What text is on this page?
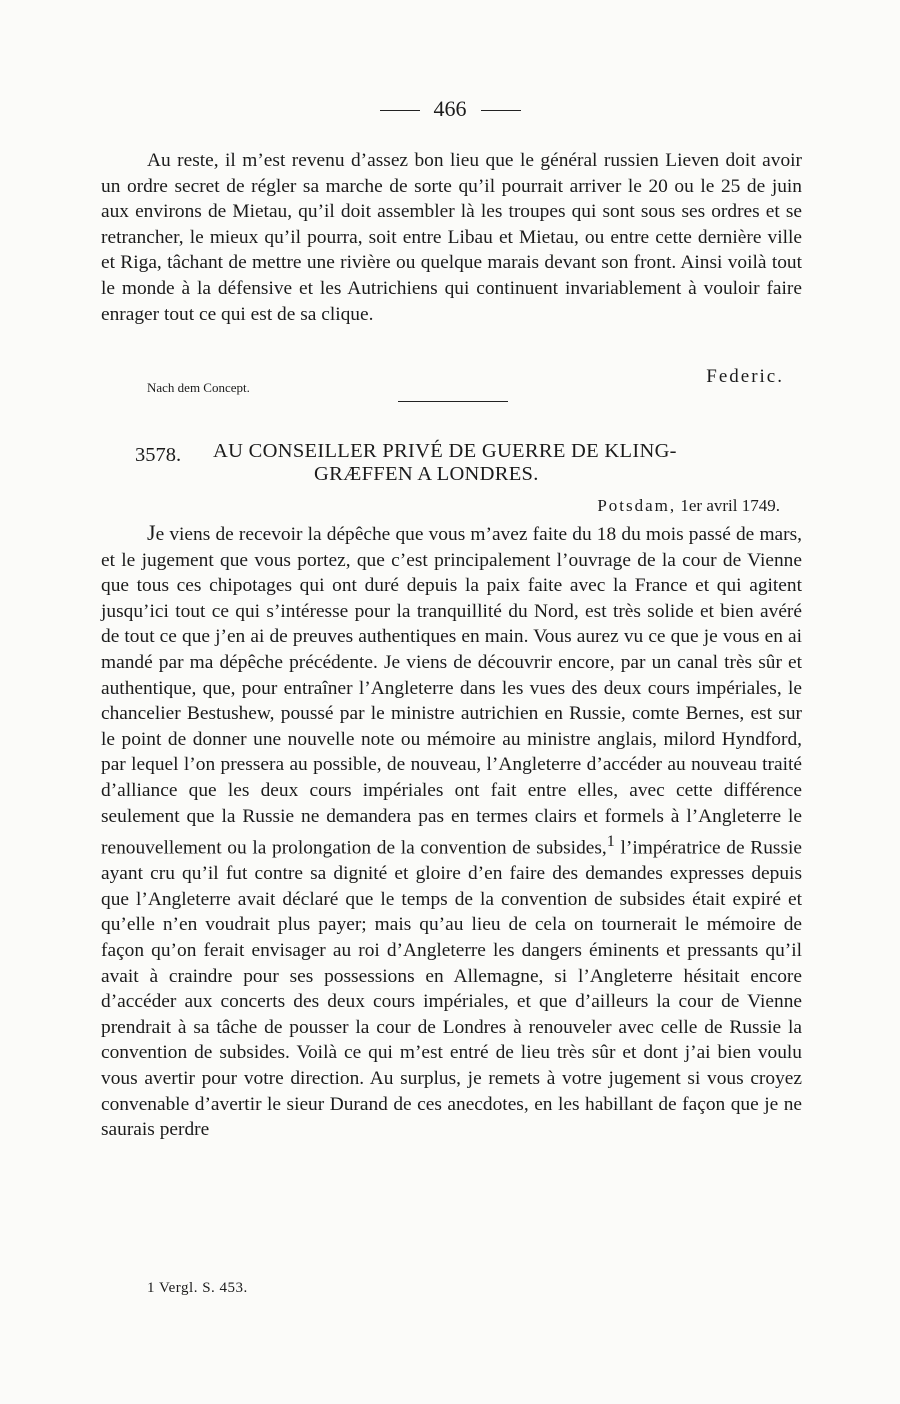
466

Au reste, il m’est revenu d’assez bon lieu que le général russien Lieven doit avoir un ordre secret de régler sa marche de sorte qu’il pourrait arriver le 20 ou le 25 de juin aux environs de Mietau, qu’il doit assembler là les troupes qui sont sous ses ordres et se retrancher, le mieux qu’il pourra, soit entre Libau et Mietau, ou entre cette dernière ville et Riga, tâchant de mettre une rivière ou quelque marais devant son front. Ainsi voilà tout le monde à la défensive et les Autrichiens qui continuent invariablement à vouloir faire enrager tout ce qui est de sa clique.

Nach dem Concept.
Federic.
3578. AU CONSEILLER PRIVÉ DE GUERRE DE KLING-
GRÆFFEN A LONDRES.
Potsdam, 1er avril 1749.

Je viens de recevoir la dépêche que vous m’avez faite du 18 du mois passé de mars, et le jugement que vous portez, que c’est principalement l’ouvrage de la cour de Vienne que tous ces chipotages qui ont duré depuis la paix faite avec la France et qui agitent jusqu’ici tout ce qui s’intéresse pour la tranquillité du Nord, est très solide et bien avéré de tout ce que j’en ai de preuves authentiques en main. Vous aurez vu ce que je vous en ai mandé par ma dépêche précédente. Je viens de découvrir encore, par un canal très sûr et authentique, que, pour entraîner l’Angleterre dans les vues des deux cours impériales, le chancelier Bestushew, poussé par le ministre autrichien en Russie, comte Bernes, est sur le point de donner une nouvelle note ou mémoire au ministre anglais, milord Hyndford, par lequel l’on pressera au possible, de nouveau, l’Angleterre d’accéder au nouveau traité d’alliance que les deux cours impériales ont fait entre elles, avec cette différence seulement que la Russie ne demandera pas en termes clairs et formels à l’Angleterre le renouvellement ou la prolongation de la convention de subsides,$^1$ l’impératrice de Russie ayant cru qu’il fut contre sa dignité et gloire d’en faire des demandes expresses depuis que l’Angleterre avait déclaré que le temps de la convention de subsides était expiré et qu’elle n’en voudrait plus payer; mais qu’au lieu de cela on tournerait le mémoire de façon qu’on ferait envisager au roi d’Angleterre les dangers éminents et pressants qu’il avait à craindre pour ses possessions en Allemagne, si l’Angleterre hésitait encore d’accéder aux concerts des deux cours impériales, et que d’ailleurs la cour de Vienne prendrait à sa tâche de pousser la cour de Londres à renouveler avec celle de Russie la convention de subsides. Voilà ce qui m’est entré de lieu très sûr et dont j’ai bien voulu vous avertir pour votre direction. Au surplus, je remets à votre jugement si vous croyez convenable d’avertir le sieur Durand de ces anecdotes, en les habillant de façon que je ne saurais perdre

1 Vergl. S. 453.
